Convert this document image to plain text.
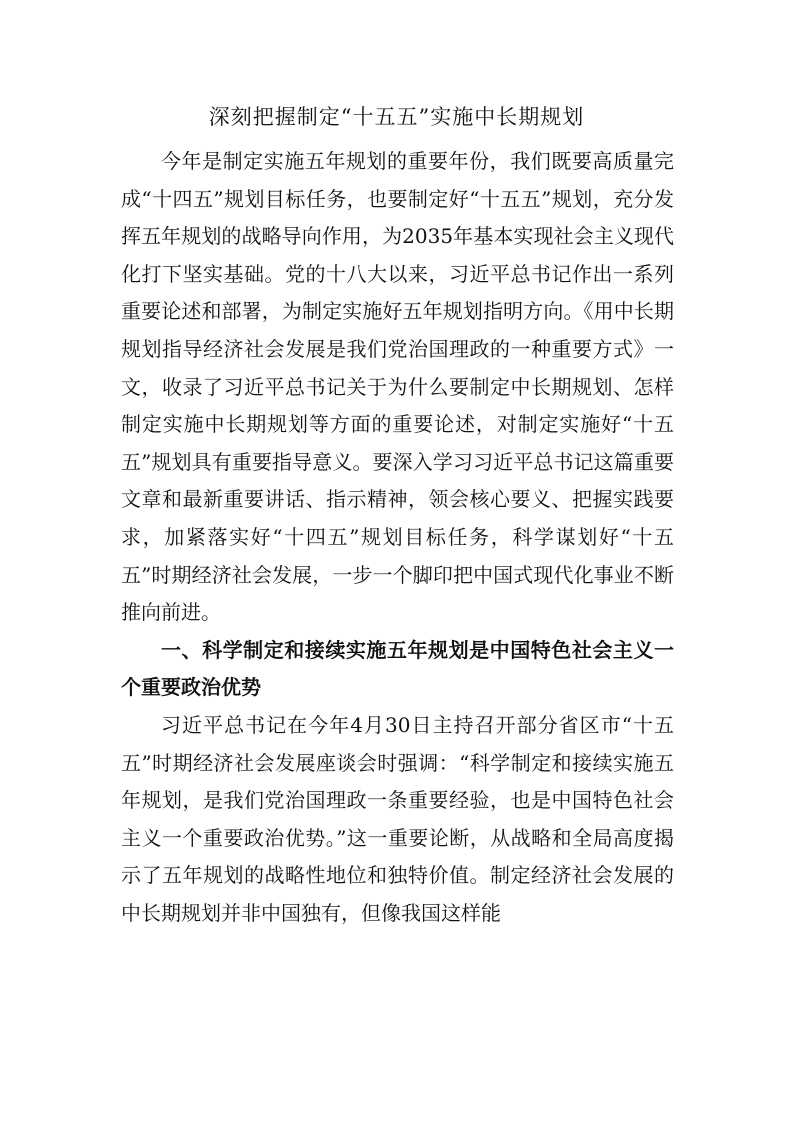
深刻把握制定“十五五”实施中长期规划

今年是制定实施五年规划的重要年份，我们既要高质量完成“十四五”规划目标任务，也要制定好“十五五”规划，充分发挥五年规划的战略导向作用，为2035年基本实现社会主义现代化打下坚实基础。党的十八大以来，习近平总书记作出一系列重要论述和部署，为制定实施好五年规划指明方向。《用中长期规划指导经济社会发展是我们党治国理政的一种重要方式》一文，收录了习近平总书记关于为什么要制定中长期规划、怎样制定实施中长期规划等方面的重要论述，对制定实施好“十五五”规划具有重要指导意义。要深入学习习近平总书记这篇重要文章和最新重要讲话、指示精神，领会核心要义、把握实践要求，加紧落实好“十四五”规划目标任务，科学谋划好“十五五”时期经济社会发展，一步一个脚印把中国式现代化事业不断推向前进。

一、科学制定和接续实施五年规划是中国特色社会主义一个重要政治优势

习近平总书记在今年4月30日主持召开部分省区市“十五五”时期经济社会发展座谈会时强调：“科学制定和接续实施五年规划，是我们党治国理政一条重要经验，也是中国特色社会主义一个重要政治优势。”这一重要论断，从战略和全局高度揭示了五年规划的战略性地位和独特价值。制定经济社会发展的中长期规划并非中国独有，但像我国这样能
